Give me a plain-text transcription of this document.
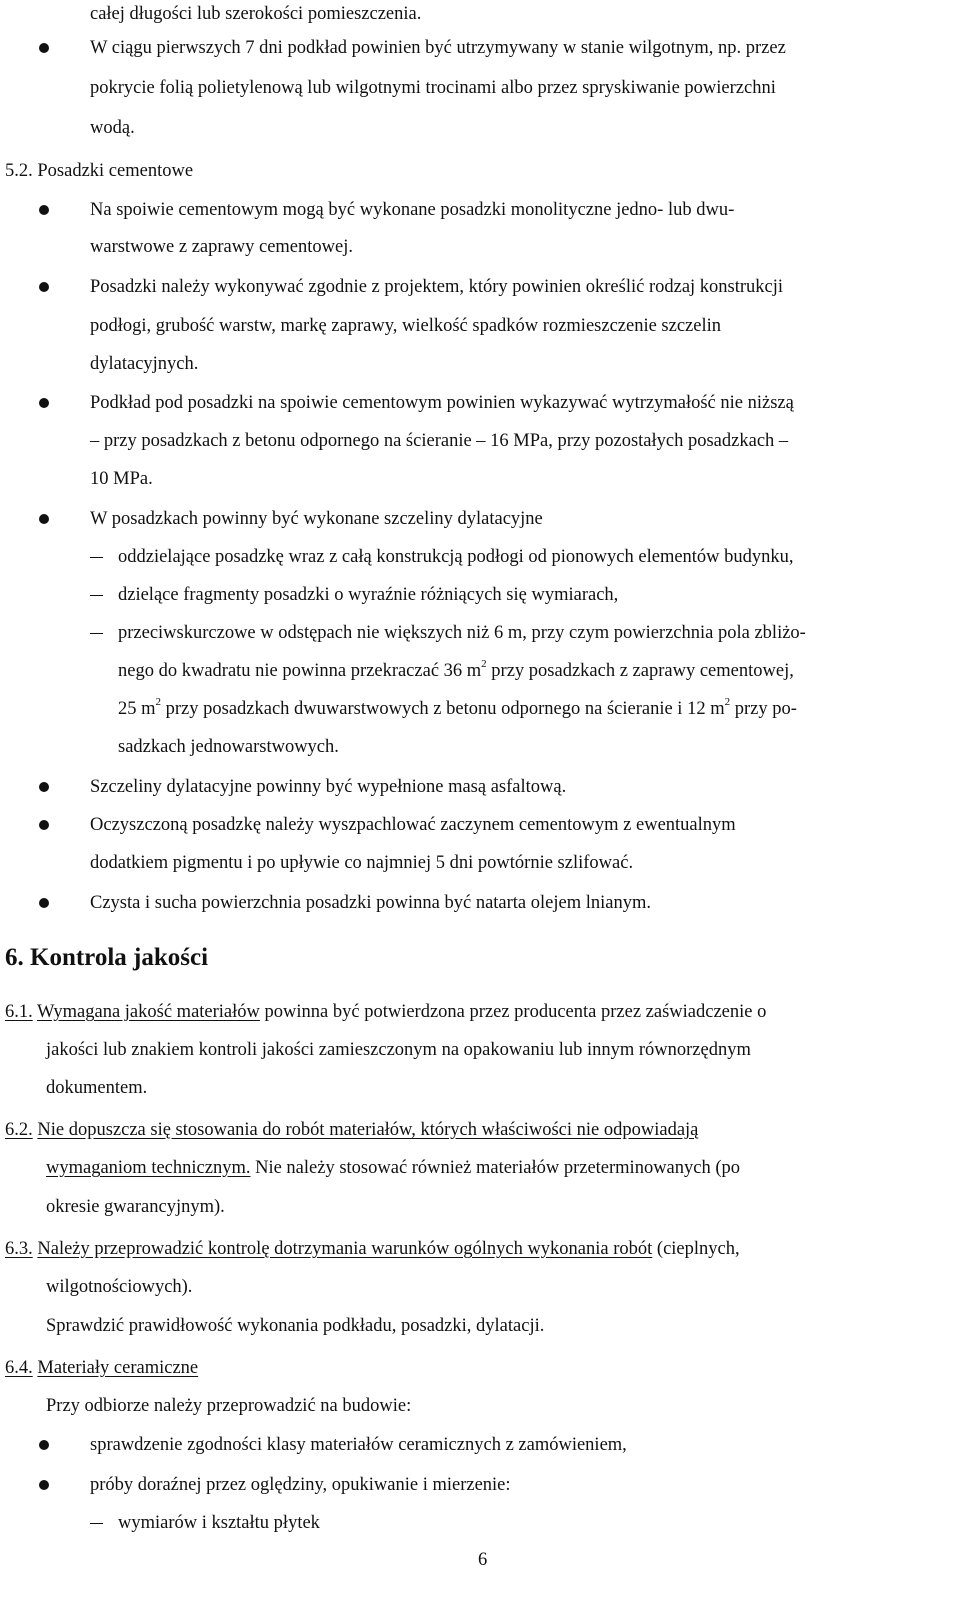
całej długości lub szerokości pomieszczenia.
W ciągu pierwszych 7 dni podkład powinien być utrzymywany w stanie wilgotnym, np. przez
pokrycie folią polietylenową lub wilgotnymi trocinami albo przez spryskiwanie powierzchni
wodą.
5.2. Posadzki cementowe
Na spoiwie cementowym mogą być wykonane posadzki monolityczne jedno- lub dwu-
warstwowe z zaprawy cementowej.
Posadzki należy wykonywać zgodnie z projektem, który powinien określić rodzaj konstrukcji
podłogi, grubość warstw, markę zaprawy, wielkość spadków rozmieszczenie szczelin
dylatacyjnych.
Podkład pod posadzki na spoiwie cementowym powinien wykazywać wytrzymałość nie niższą
– przy posadzkach z betonu odpornego na ścieranie – 16 MPa, przy pozostałych posadzkach –
10 MPa.
W posadzkach powinny być wykonane szczeliny dylatacyjne
oddzielające posadzkę wraz z całą konstrukcją podłogi od pionowych elementów budynku,
dzielące fragmenty posadzki o wyraźnie różniących się wymiarach,
przeciwskurczowe w odstępach nie większych niż 6 m, przy czym powierzchnia pola zbliżo-
nego do kwadratu nie powinna przekraczać 36 $m^2$ przy posadzkach z zaprawy cementowej,
25 $m^2$ przy posadzkach dwuwarstwowych z betonu odpornego na ścieranie i 12 $m^2$ przy po-
sadzkach jednowarstwowych.
Szczeliny dylatacyjne powinny być wypełnione masą asfaltową.
Oczyszczoną posadzkę należy wyszpachlować zaczynem cementowym z ewentualnym
dodatkiem pigmentu i po upływie co najmniej 5 dni powtórnie szlifować.
Czysta i sucha powierzchnia posadzki powinna być natarta olejem lnianym.
6. Kontrola jakości
6.1. Wymagana jakość materiałów powinna być potwierdzona przez producenta przez zaświadczenie o
jakości lub znakiem kontroli jakości zamieszczonym na opakowaniu lub innym równorzędnym
dokumentem.
6.2. Nie dopuszcza się stosowania do robót materiałów, których właściwości nie odpowiadają
wymaganiom technicznym. Nie należy stosować również materiałów przeterminowanych (po
okresie gwarancyjnym).
6.3. Należy przeprowadzić kontrolę dotrzymania warunków ogólnych wykonania robót (cieplnych,
wilgotnościowych).
Sprawdzić prawidłowość wykonania podkładu, posadzki, dylatacji.
6.4. Materiały ceramiczne
Przy odbiorze należy przeprowadzić na budowie:
sprawdzenie zgodności klasy materiałów ceramicznych z zamówieniem,
próby doraźnej przez oględziny, opukiwanie i mierzenie:
wymiarów i kształtu płytek
6
